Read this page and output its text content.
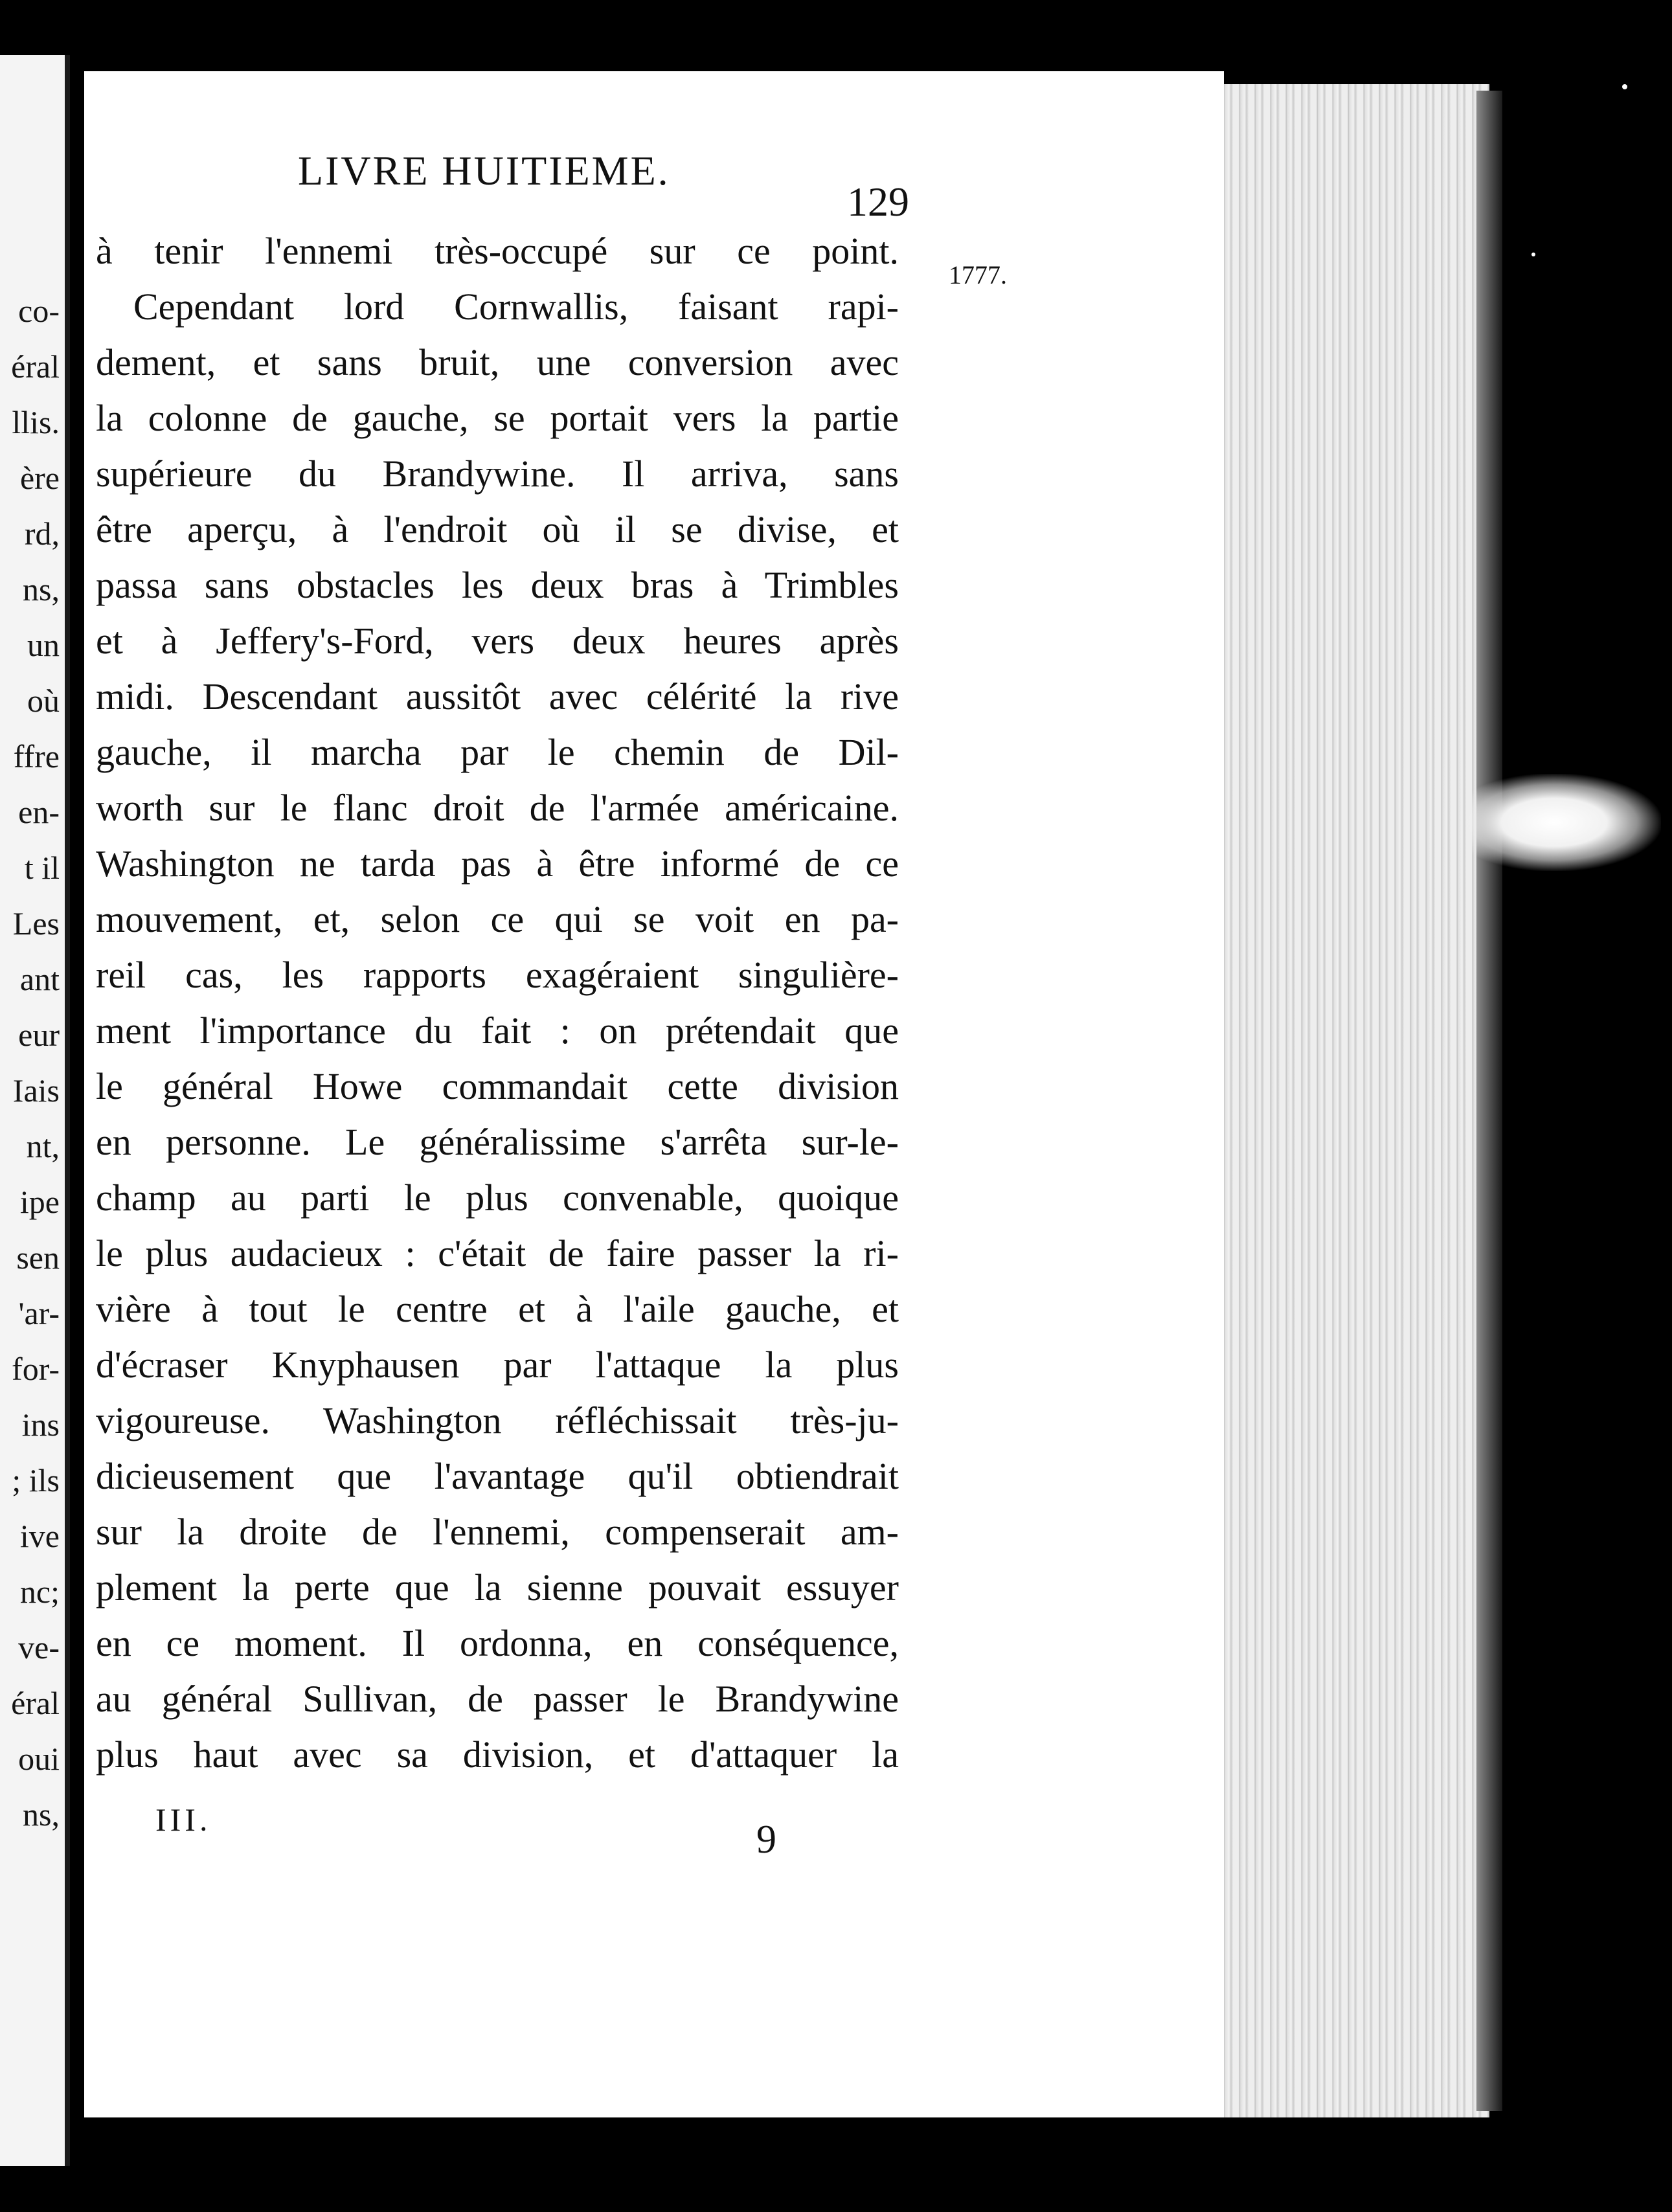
co-
éral
llis.
ère
rd,
ns,
un
où
ffre
en-
t il
Les
ant
eur
Iais
nt,
ipe
sen
'ar-
for-
ins
; ils
ive
nc;
ve-
éral
oui
ns,
LIVRE HUITIEME.
129
1777.
à tenir l'ennemi très-occupé sur ce point.
Cependant lord Cornwallis, faisant rapi-
dement, et sans bruit, une conversion avec
la colonne de gauche, se portait vers la partie
supérieure du Brandywine. Il arriva, sans
être aperçu, à l'endroit où il se divise, et
passa sans obstacles les deux bras à Trimbles
et à Jeffery's-Ford, vers deux heures après
midi. Descendant aussitôt avec célérité la rive
gauche, il marcha par le chemin de Dil-
worth sur le flanc droit de l'armée américaine.
Washington ne tarda pas à être informé de ce
mouvement, et, selon ce qui se voit en pa-
reil cas, les rapports exagéraient singulière-
ment l'importance du fait : on prétendait que
le général Howe commandait cette division
en personne. Le généralissime s'arrêta sur-le-
champ au parti le plus convenable, quoique
le plus audacieux : c'était de faire passer la ri-
vière à tout le centre et à l'aile gauche, et
d'écraser Knyphausen par l'attaque la plus
vigoureuse. Washington réfléchissait très-ju-
dicieusement que l'avantage qu'il obtiendrait
sur la droite de l'ennemi, compenserait am-
plement la perte que la sienne pouvait essuyer
en ce moment. Il ordonna, en conséquence,
au général Sullivan, de passer le Brandywine
plus haut avec sa division, et d'attaquer la
III.	9
